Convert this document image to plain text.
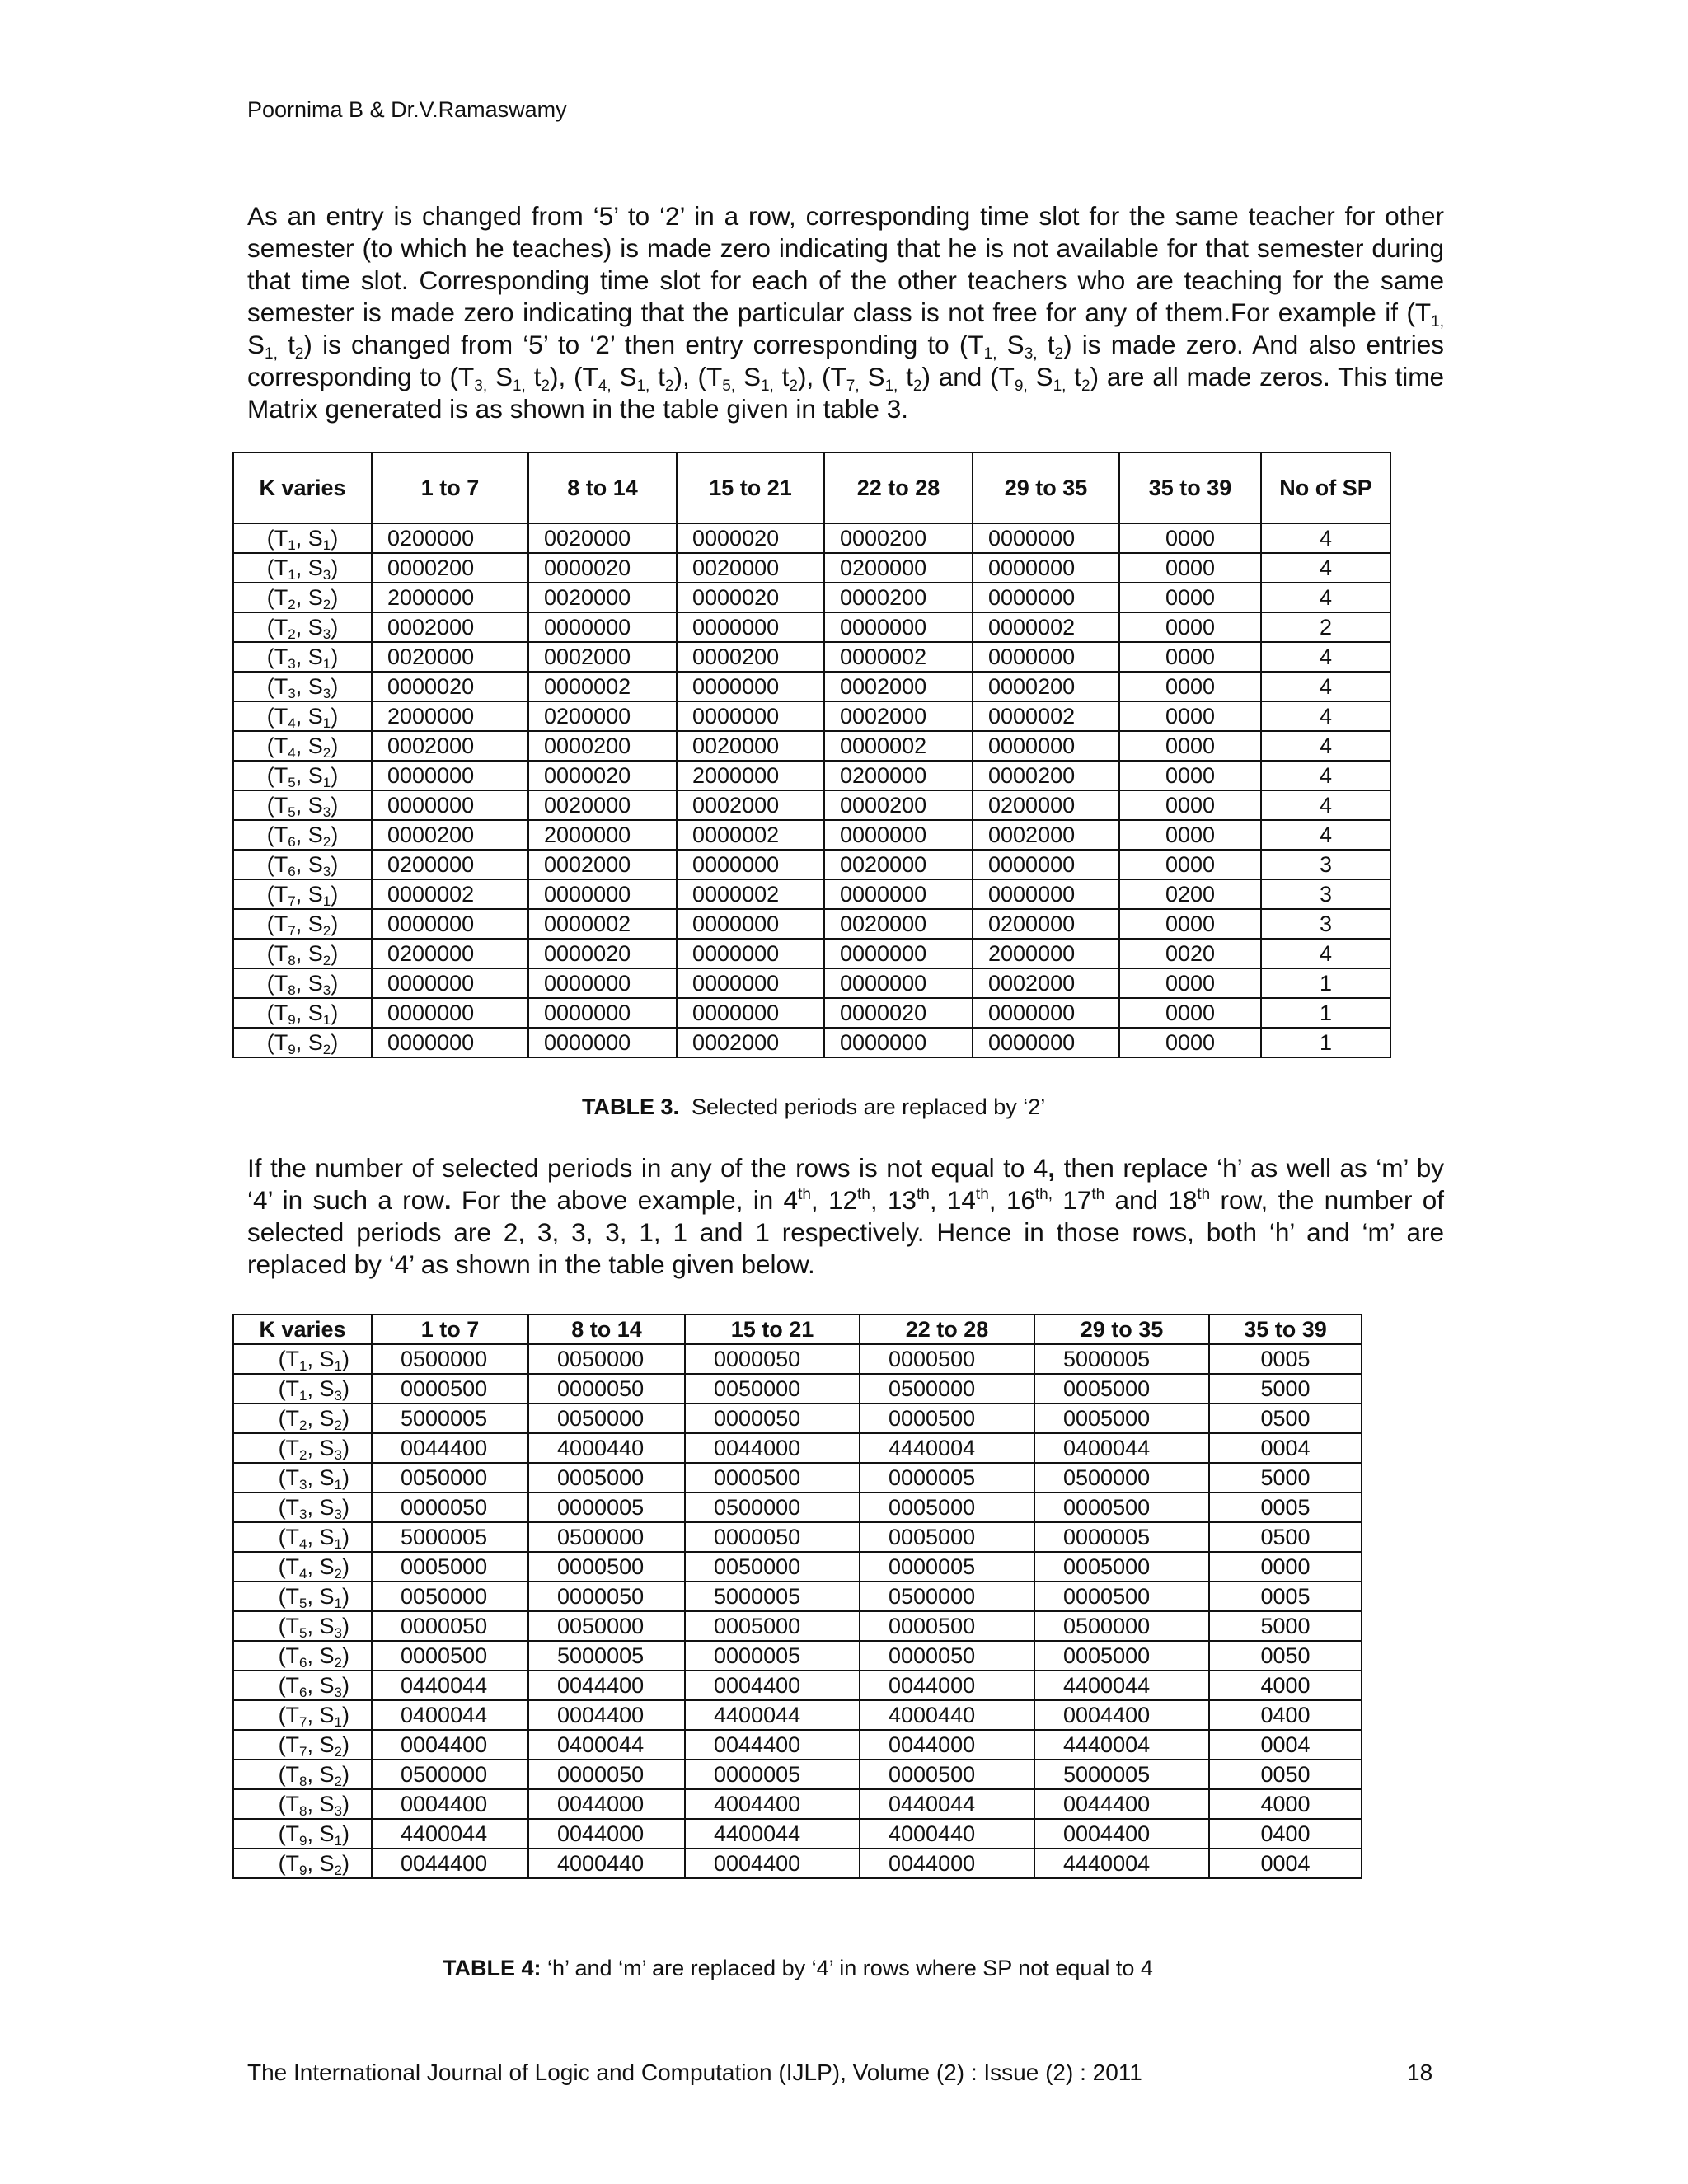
Poornima B & Dr.V.Ramaswamy
As an entry is changed from ‘5’ to ‘2’ in a row, corresponding time slot for the same teacher for other semester (to which he teaches) is made zero indicating that he is not available for that semester during that time slot. Corresponding time slot for each of the other teachers who are teaching for the same semester is made zero indicating that the particular class is not free for any of them.For example if ($T_{1,}$ $S_{1,}$ $t_2$) is changed from ‘5’ to ‘2’ then entry corresponding to ($T_{1,}$ $S_{3,}$ $t_2$) is made zero. And also entries corresponding to ($T_{3,}$ $S_{1,}$ $t_2$), ($T_{4,}$ $S_{1,}$ $t_2$), ($T_{5,}$ $S_{1,}$ $t_2$), ($T_{7,}$ $S_{1,}$ $t_2$) and ($T_{9,}$ $S_{1,}$ $t_2$) are all made zeros. This time Matrix generated is as shown in the table given in table 3.
K varies	1 to 7	8 to 14	15 to 21	22 to 28	29 to 35	35 to 39	No of SP
($T_1$, $S_1$)	0200000	0020000	0000020	0000200	0000000	0000	4
($T_1$, $S_3$)	0000200	0000020	0020000	0200000	0000000	0000	4
($T_2$, $S_2$)	2000000	0020000	0000020	0000200	0000000	0000	4
($T_2$, $S_3$)	0002000	0000000	0000000	0000000	0000002	0000	2
($T_3$, $S_1$)	0020000	0002000	0000200	0000002	0000000	0000	4
($T_3$, $S_3$)	0000020	0000002	0000000	0002000	0000200	0000	4
($T_4$, $S_1$)	2000000	0200000	0000000	0002000	0000002	0000	4
($T_4$, $S_2$)	0002000	0000200	0020000	0000002	0000000	0000	4
($T_5$, $S_1$)	0000000	0000020	2000000	0200000	0000200	0000	4
($T_5$, $S_3$)	0000000	0020000	0002000	0000200	0200000	0000	4
($T_6$, $S_2$)	0000200	2000000	0000002	0000000	0002000	0000	4
($T_6$, $S_3$)	0200000	0002000	0000000	0020000	0000000	0000	3
($T_7$, $S_1$)	0000002	0000000	0000002	0000000	0000000	0200	3
($T_7$, $S_2$)	0000000	0000002	0000000	0020000	0200000	0000	3
($T_8$, $S_2$)	0200000	0000020	0000000	0000000	2000000	0020	4
($T_8$, $S_3$)	0000000	0000000	0000000	0000000	0002000	0000	1
($T_9$, $S_1$)	0000000	0000000	0000000	0000020	0000000	0000	1
($T_9$, $S_2$)	0000000	0000000	0002000	0000000	0000000	0000	1
TABLE 3. Selected periods are replaced by ‘2’
If the number of selected periods in any of the rows is not equal to 4, then replace ‘h’ as well as ‘m’ by ‘4’ in such a row. For the above example, in 4th, 12th, 13th, 14th, $16^{th,}$ 17th and 18th row, the number of selected periods are 2, 3, 3, 3, 1, 1 and 1 respectively. Hence in those rows, both ‘h’ and ‘m’ are replaced by ‘4’ as shown in the table given below.
K varies	1 to 7	8 to 14	15 to 21	22 to 28	29 to 35	35 to 39
($T_1$, $S_1$)	0500000	0050000	0000050	0000500	5000005	0005
($T_1$, $S_3$)	0000500	0000050	0050000	0500000	0005000	5000
($T_2$, $S_2$)	5000005	0050000	0000050	0000500	0005000	0500
($T_2$, $S_3$)	0044400	4000440	0044000	4440004	0400044	0004
($T_3$, $S_1$)	0050000	0005000	0000500	0000005	0500000	5000
($T_3$, $S_3$)	0000050	0000005	0500000	0005000	0000500	0005
($T_4$, $S_1$)	5000005	0500000	0000050	0005000	0000005	0500
($T_4$, $S_2$)	0005000	0000500	0050000	0000005	0005000	0000
($T_5$, $S_1$)	0050000	0000050	5000005	0500000	0000500	0005
($T_5$, $S_3$)	0000050	0050000	0005000	0000500	0500000	5000
($T_6$, $S_2$)	0000500	5000005	0000005	0000050	0005000	0050
($T_6$, $S_3$)	0440044	0044400	0004400	0044000	4400044	4000
($T_7$, $S_1$)	0400044	0004400	4400044	4000440	0004400	0400
($T_7$, $S_2$)	0004400	0400044	0044400	0044000	4440004	0004
($T_8$, $S_2$)	0500000	0000050	0000005	0000500	5000005	0050
($T_8$, $S_3$)	0004400	0044000	4004400	0440044	0044400	4000
($T_9$, $S_1$)	4400044	0044000	4400044	4000440	0004400	0400
($T_9$, $S_2$)	0044400	4000440	0004400	0044000	4440004	0004
TABLE 4: ‘h’ and ‘m’ are replaced by ‘4’ in rows where SP not equal to 4
The International Journal of Logic and Computation (IJLP), Volume (2) : Issue (2) : 2011	18
